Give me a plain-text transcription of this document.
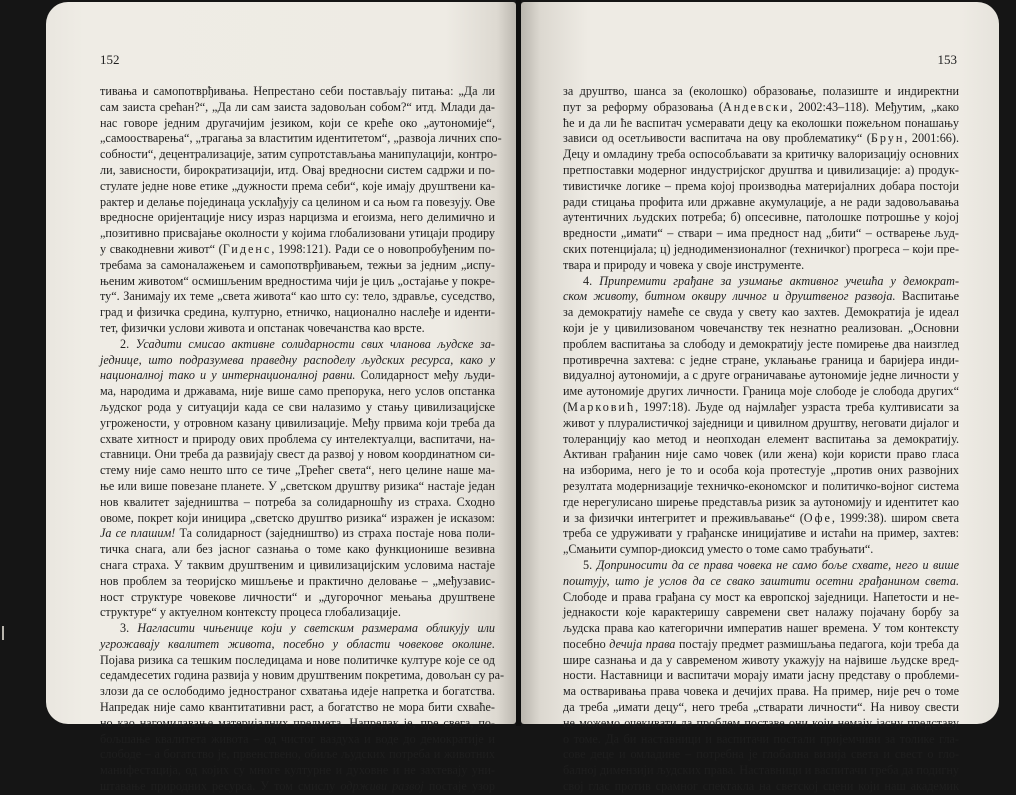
152
тивања и самопотврђивања. Непрестано себи постављају питања: „Да ли
сам заиста срећан?“, „Да ли сам заиста задовољан собом?“ итд. Млади да-
нас говоре једним другачијим језиком, који се креће око „аутономије“,
„самоостварења“, „трагања за властитим идентитетом“, „развоја личних спо-
собности“, децентрализације, затим супротстављања манипулацији, контро-
ли, зависности, бирократизацији, итд. Овај вредносни систем садржи и по-
стулате једне нове етике „дужности према себи“, које имају друштвени ка-
рактер и делање појединаца усклађују са целином и са њом га повезују. Ове
вредносне оријентације нису израз нарцизма и егоизма, него делимично и
„позитивно присвајање околности у којима глобализовани утицаји продиру
у свакодневни живот“ (Гиденс, 1998:121). Ради се о новопробуђеним по-
требама за самоналажењем и самопотврђивањем, тежњи за једним „испу-
њеним животом“ осмишљеним вредностима чији је циљ „остајање у покре-
ту“. Занимају их теме „света живота“ као што су: тело, здравље, суседство,
град и физичка средина, културно, етничко, национално наслеђе и иденти-
тет, физички услови живота и опстанак човечанства као врсте.
2. Усадити смисао активне солидарности свих чланова људске за-
једнице, што подразумева праведну расподелу људских ресурса, како у
националној тако и у интернационалној равни. Солидарност међу људи-
ма, народима и државама, није више само препорука, него услов опстанка
људског рода у ситуацији када се сви налазимо у стању цивилизацијске
угрожености, у отровном казану цивилизације. Међу првима који треба да
схвате хитност и природу ових проблема су интелектуалци, васпитачи, на-
ставници. Они треба да развијају свест да развој у новом координатном си-
стему није само нешто што се тиче „Трећег света“, него целине наше ма-
ње или више повезане планете. У „светском друштву ризика“ настаје један
нов квалитет заједништва – потреба за солидарношћу из страха. Сходно
овоме, покрет који иницира „светско друштво ризика“ изражен је исказом:
Ја се плашим! Та солидарност (заједништво) из страха постаје нова поли-
тичка снага, али без јасног сазнања о томе како функционише везивна
снага страха. У таквим друштвеним и цивилизацијским условима настаје
нов проблем за теоријско мишљење и практично деловање – „међузавис-
ност структуре човекове личности“ и „дугорочног мењања друштвене
структуре“ у актуелном контексту процеса глобализације.
3. Нагласити чињенице који у светским размерама обликују или
угрожавају квалитет живота, посебно у области човекове околине.
Појава ризика са тешким последицама и нове политичке културе које се од
седамдесетих година развија у новим друштвеним покретима, довољан су ра-
злози да се ослободимо једностраног схватања идеје напретка и богатства.
Напредак није само квантитативни раст, а богатство не мора бити схваће-
но као нагомилавање материјалних предмета. Напредак је, пре свега, по-
бољшање квалитета живота – од чистог ваздуха и воде до демократије и
слободе – а богатство је, првенствено, обиље људских потреба и животних
манифестација, од којих су многе културне и духовне и не захтевају уни-
штавање природних ресурса. У том смислу одрживи развој постаје узор
153
за друштво, шанса за (еколошко) образовање, полазиште и индиректни
пут за реформу образовања (Андевски, 2002:43–118). Међутим, „како
ће и да ли ће васпитач усмеравати децу ка еколошки пожељном понашању
зависи од осетљивости васпитача на ову проблематику“ (Брун, 2001:66).
Децу и омладину треба оспособљавати за критичку валоризацију основних
претпоставки модерног индустријског друштва и цивилизације: а) продук-
тивистичке логике – према којој производња материјалних добара постоји
ради стицања профита или државне акумулације, а не ради задовољавања
аутентичних људских потреба; б) опсесивне, патолошке потрошње у којој
вредности „имати“ – ствари – има предност над „бити“ – остварење људ-
ских потенцијала; ц) једнодимензионалног (техничког) прогреса – који пре-
твара и природу и човека у своје инструменте.
4. Припремити грађане за узимање активног учешћа у демократ-
ском животу, битном оквиру личног и друштвеног развоја. Васпитање
за демократију намеће се свуда у свету као захтев. Демократија је идеал
који је у цивилизованом човечанству тек незнатно реализован. „Основни
проблем васпитања за слободу и демократију јесте помирење два наизглед
противречна захтева: с једне стране, уклањање граница и баријера инди-
видуалној аутономији, а с друге ограничавање аутономије једне личности у
име аутономије других личности. Граница моје слободе је слобода других“
(Марковић, 1997:18). Људе од најмлађег узраста треба култивисати за
живот у плуралистичкој заједници и цивилном друштву, неговати дијалог и
толеранцију као метод и неопходан елемент васпитања за демократију.
Активан грађанин није само човек (или жена) који користи право гласа
на изборима, него је то и особа која протестује „против оних развојних
резултата модернизације техничко-економског и политичко-војног система
где нерегулисано ширење представља ризик за аутономију и идентитет као
и за физички интегритет и преживљавање“ (Офе, 1999:38). широм света
треба се удруживати у грађанске иницијативе и истаћи на пример, захтев:
„Смањити сумпор-диоксид уместо о томе само трабуњати“.
5. Доприносити да се права човека не само боље схвате, него и више
поштују, што је услов да се свако заштити осетни грађанином света.
Слободе и права грађана су мост ка европској заједници. Напетости и не-
једнакости које карактеришу савремени свет налажу појачану борбу за
људска права као категорични императив нашег времена. У том контексту
посебно дечија права постају предмет размишљања педагога, који треба да
шире сазнања и да у савременом животу укажују на највише људске вред-
ности. Наставници и васпитачи морају имати јасну представу о проблеми-
ма остваривања права човека и дечијих права. На пример, није реч о томе
да треба „имати децу“, него треба „стварати личности“. На нивоу свести
не можемо очекивати да проблем поставе они који немају јасну представу
о томе. Да би наставници и васпитачи постали пријемчиви за толике гла-
сове деце и омладине – потребна је глобална визија света и свест о гло-
балној димензији људских права. Наставници и васпитачи треба да подигну
свој глас против срамног спектакла на светској сцени који наш академик
